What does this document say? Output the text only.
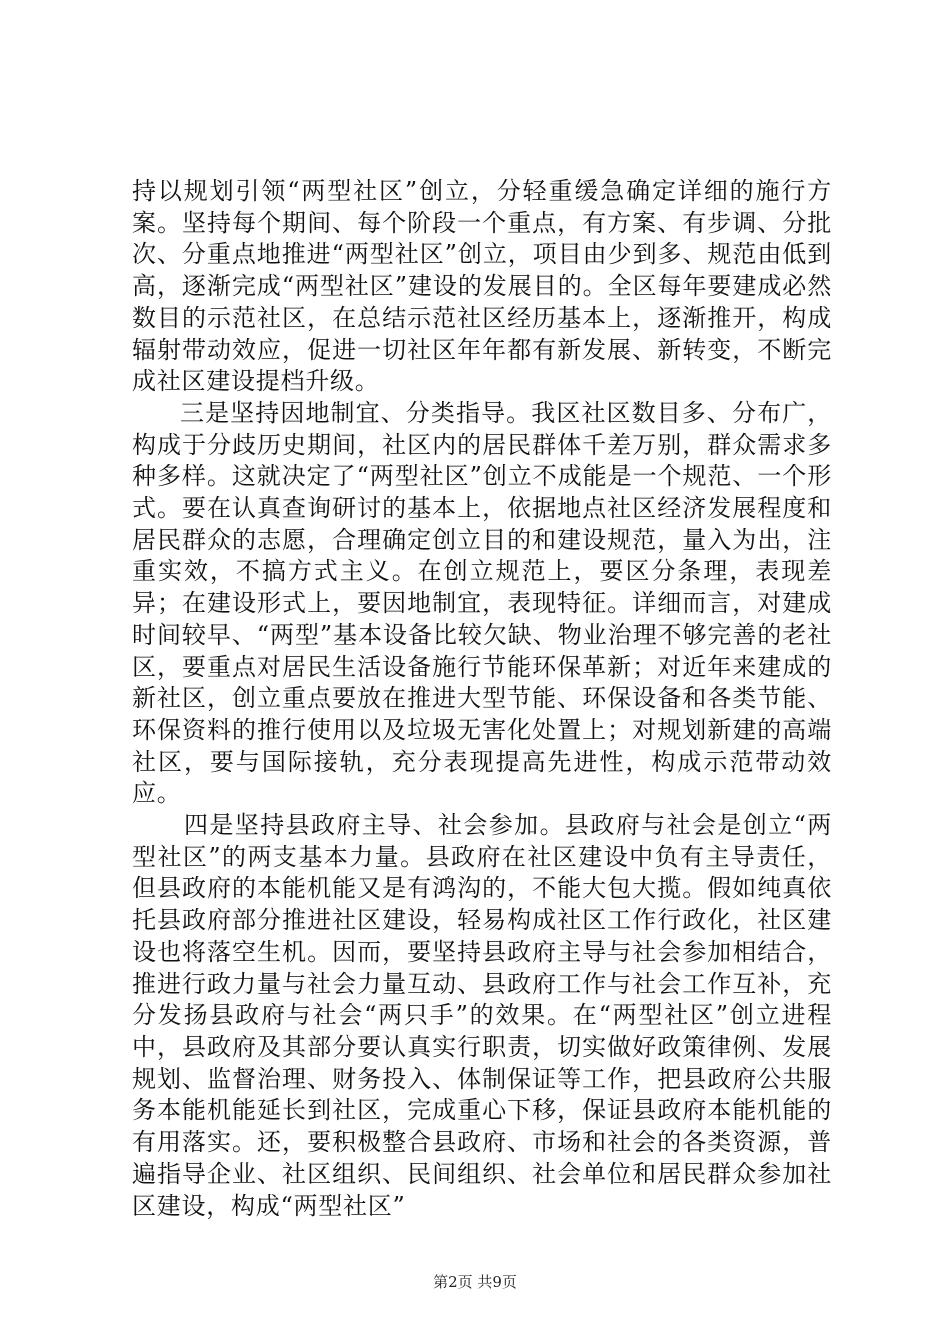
持以规划引领“两型社区”创立，分轻重缓急确定详细的施行方案。坚持每个期间、每个阶段一个重点，有方案、有步调、分批次、分重点地推进“两型社区”创立，项目由少到多、规范由低到高，逐渐完成“两型社区”建设的发展目的。全区每年要建成必然数目的示范社区，在总结示范社区经历基本上，逐渐推开，构成辐射带动效应，促进一切社区年年都有新发展、新转变，不断完成社区建设提档升级。

三是坚持因地制宜、分类指导。我区社区数目多、分布广，构成于分歧历史期间，社区内的居民群体千差万别，群众需求多种多样。这就决定了“两型社区”创立不成能是一个规范、一个形式。要在认真查询研讨的基本上，依据地点社区经济发展程度和居民群众的志愿，合理确定创立目的和建设规范，量入为出，注重实效，不搞方式主义。在创立规范上，要区分条理，表现差异；在建设形式上，要因地制宜，表现特征。详细而言，对建成时间较早、“两型”基本设备比较欠缺、物业治理不够完善的老社区，要重点对居民生活设备施行节能环保革新；对近年来建成的新社区，创立重点要放在推进大型节能、环保设备和各类节能、环保资料的推行使用以及垃圾无害化处置上；对规划新建的高端社区，要与国际接轨，充分表现提高先进性，构成示范带动效应。

四是坚持县政府主导、社会参加。县政府与社会是创立“两型社区”的两支基本力量。县政府在社区建设中负有主导责任，但县政府的本能机能又是有鸿沟的，不能大包大揽。假如纯真依托县政府部分推进社区建设，轻易构成社区工作行政化，社区建设也将落空生机。因而，要坚持县政府主导与社会参加相结合，推进行政力量与社会力量互动、县政府工作与社会工作互补，充分发扬县政府与社会“两只手”的效果。在“两型社区”创立进程中，县政府及其部分要认真实行职责，切实做好政策律例、发展规划、监督治理、财务投入、体制保证等工作，把县政府公共服务本能机能延长到社区，完成重心下移，保证县政府本能机能的有用落实。还，要积极整合县政府、市场和社会的各类资源，普遍指导企业、社区组织、民间组织、社会单位和居民群众参加社区建设，构成“两型社区”

第2页 共9页
